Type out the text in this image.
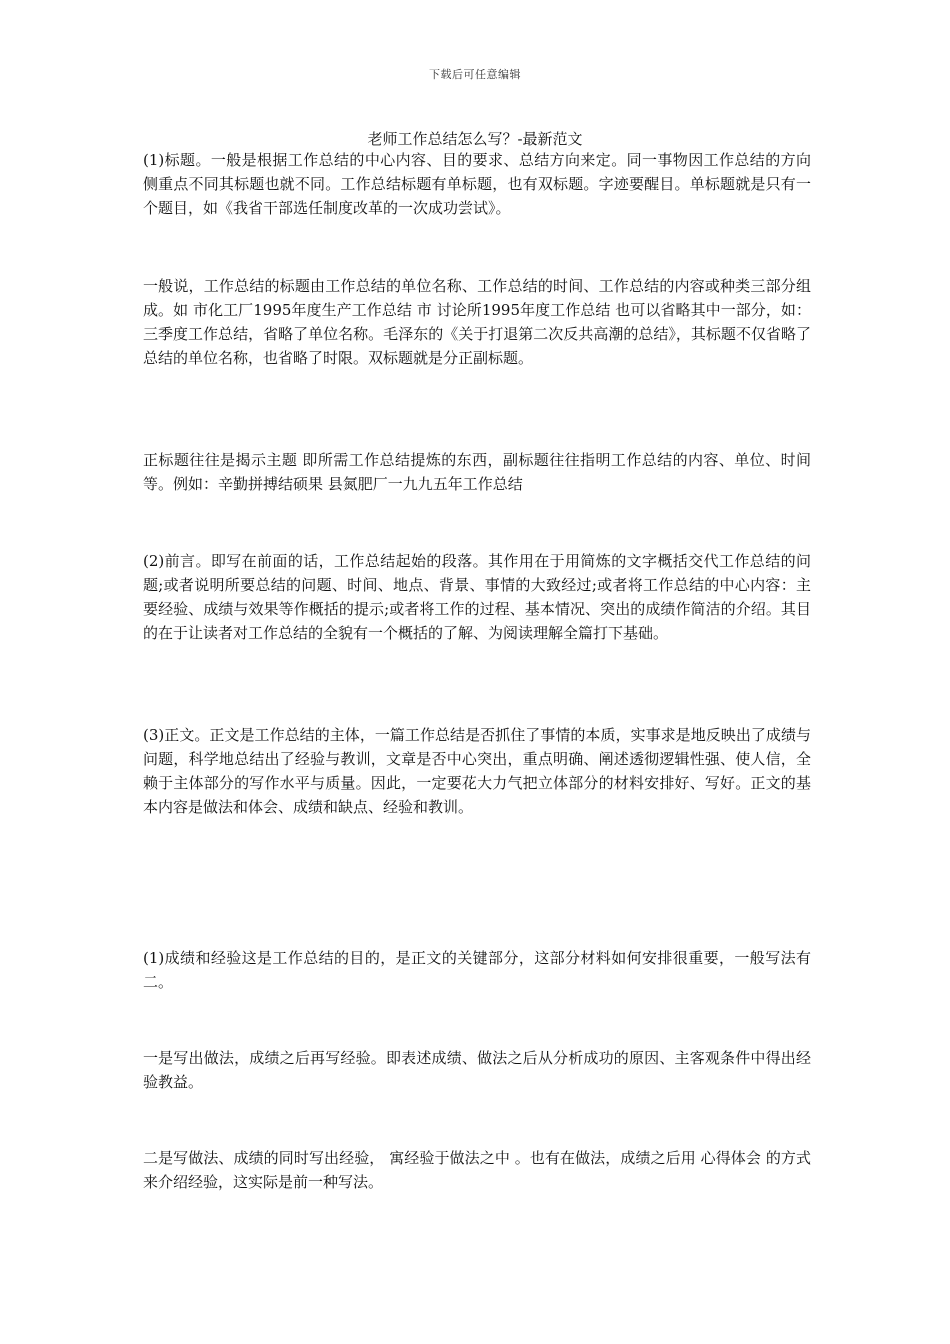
下载后可任意编辑
老师工作总结怎么写？-最新范文

(1)标题。一般是根据工作总结的中心内容、目的要求、总结方向来定。同一事物因工作总结的方向 侧重点不同其标题也就不同。工作总结标题有单标题，也有双标题。字迹要醒目。单标题就是只有一个题目，如《我省干部选任制度改革的一次成功尝试》。

一般说，工作总结的标题由工作总结的单位名称、工作总结的时间、工作总结的内容或种类三部分组成。如 市化工厂1995年度生产工作总结 市 讨论所1995年度工作总结 也可以省略其中一部分，如： 三季度工作总结，省略了单位名称。毛泽东的《关于打退第二次反共高潮的总结》，其标题不仅省略了总结的单位名称，也省略了时限。双标题就是分正副标题。

正标题往往是揭示主题 即所需工作总结提炼的东西，副标题往往指明工作总结的内容、单位、时间等。例如：辛勤拼搏结硕果 县氮肥厂一九九五年工作总结

(2)前言。即写在前面的话，工作总结起始的段落。其作用在于用简炼的文字概括交代工作总结的问题;或者说明所要总结的问题、时间、地点、背景、事情的大致经过;或者将工作总结的中心内容：主要经验、成绩与效果等作概括的提示;或者将工作的过程、基本情况、突出的成绩作简洁的介绍。其目的在于让读者对工作总结的全貌有一个概括的了解、为阅读理解全篇打下基础。

(3)正文。正文是工作总结的主体，一篇工作总结是否抓住了事情的本质，实事求是地反映出了成绩与问题，科学地总结出了经验与教训，文章是否中心突出，重点明确、阐述透彻逻辑性强、使人信，全赖于主体部分的写作水平与质量。因此，一定要花大力气把立体部分的材料安排好、写好。正文的基本内容是做法和体会、成绩和缺点、经验和教训。

(1)成绩和经验这是工作总结的目的，是正文的关键部分，这部分材料如何安排很重要，一般写法有二。

一是写出做法，成绩之后再写经验。即表述成绩、做法之后从分析成功的原因、主客观条件中得出经验教益。

二是写做法、成绩的同时写出经验， 寓经验于做法之中 。也有在做法，成绩之后用 心得体会 的方式来介绍经验，这实际是前一种写法。
